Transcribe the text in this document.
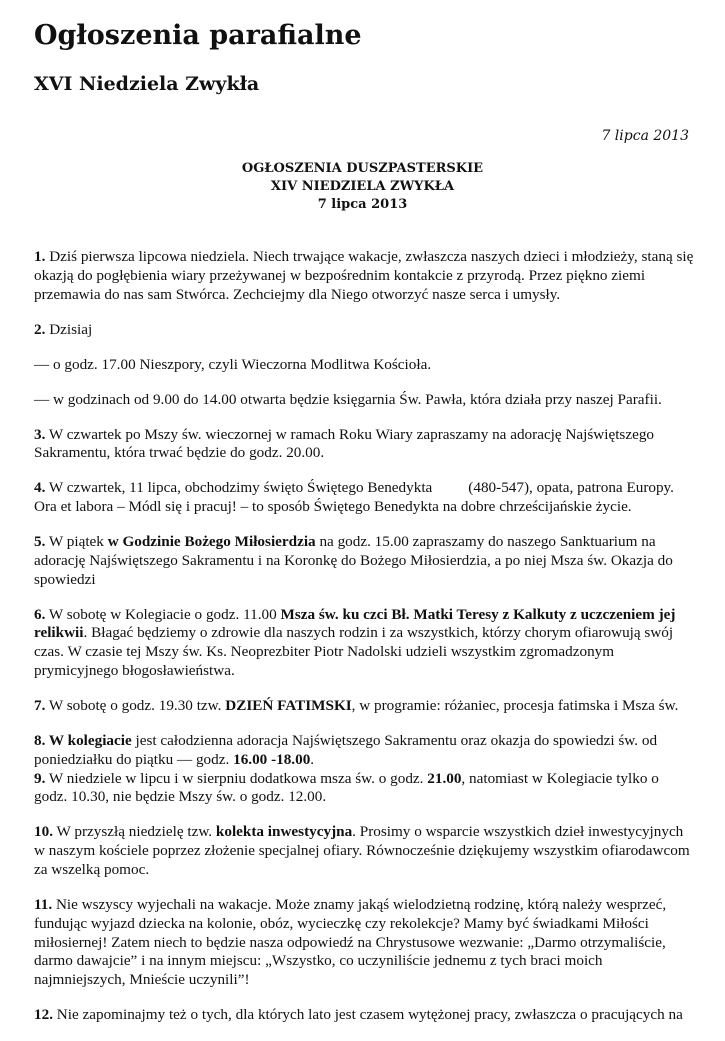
Ogłoszenia parafialne
XVI Niedziela Zwykła
7 lipca 2013
OGŁOSZENIA DUSZPASTERSKIE
XIV NIEDZIELA ZWYKŁA
7 lipca 2013

1. Dziś pierwsza lipcowa niedziela. Niech trwające wakacje, zwłaszcza naszych dzieci i młodzieży, staną się okazją do pogłębienia wiary przeżywanej w bezpośrednim kontakcie z przyrodą. Przez piękno ziemi przemawia do nas sam Stwórca. Zechciejmy dla Niego otworzyć nasze serca i umysły.

2. Dzisiaj

— o godz. 17.00 Nieszpory, czyli Wieczorna Modlitwa Kościoła.

— w godzinach od 9.00 do 14.00 otwarta będzie księgarnia Św. Pawła, która działa przy naszej Parafii.

3. W czwartek po Mszy św. wieczornej w ramach Roku Wiary zapraszamy na adorację Najświętszego Sakramentu, która trwać będzie do godz. 20.00.

4. W czwartek, 11 lipca, obchodzimy święto Świętego Benedykta (480-547), opata, patrona Europy. Ora et labora – Módl się i pracuj! – to sposób Świętego Benedykta na dobre chrześcijańskie życie.

5. W piątek w Godzinie Bożego Miłosierdzia na godz. 15.00 zapraszamy do naszego Sanktuarium na adorację Najświętszego Sakramentu i na Koronkę do Bożego Miłosierdzia, a po niej Msza św. Okazja do spowiedzi

6. W sobotę w Kolegiacie o godz. 11.00 Msza św. ku czci Bł. Matki Teresy z Kalkuty z uczczeniem jej relikwii. Błagać będziemy o zdrowie dla naszych rodzin i za wszystkich, którzy chorym ofiarowują swój czas. W czasie tej Mszy św. Ks. Neoprezbiter Piotr Nadolski udzieli wszystkim zgromadzonym prymicyjnego błogosławieństwa.

7. W sobotę o godz. 19.30 tzw. DZIEŃ FATIMSKI, w programie: różaniec, procesja fatimska i Msza św.

8. W kolegiacie jest całodzienna adoracja Najświętszego Sakramentu oraz okazja do spowiedzi św. od poniedziałku do piątku — godz. 16.00 -18.00.

9. W niedziele w lipcu i w sierpniu dodatkowa msza św. o godz. 21.00, natomiast w Kolegiacie tylko o godz. 10.30, nie będzie Mszy św. o godz. 12.00.

10. W przyszłą niedzielę tzw. kolekta inwestycyjna. Prosimy o wsparcie wszystkich dzieł inwestycyjnych w naszym kościele poprzez złożenie specjalnej ofiary. Równocześnie dziękujemy wszystkim ofiarodawcom za wszelką pomoc.

11. Nie wszyscy wyjechali na wakacje. Może znamy jakąś wielodzietną rodzinę, którą należy wesprzeć, fundując wyjazd dziecka na kolonie, obóz, wycieczkę czy rekolekcje? Mamy być świadkami Miłości miłosiernej! Zatem niech to będzie nasza odpowiedź na Chrystusowe wezwanie: „Darmo otrzymaliście, darmo dawajcie” i na innym miejscu: „Wszystko, co uczyniliście jednemu z tych braci moich najmniejszych, Mnieście uczynili”!

12. Nie zapominajmy też o tych, dla których lato jest czasem wytężonej pracy, zwłaszcza o pracujących na
